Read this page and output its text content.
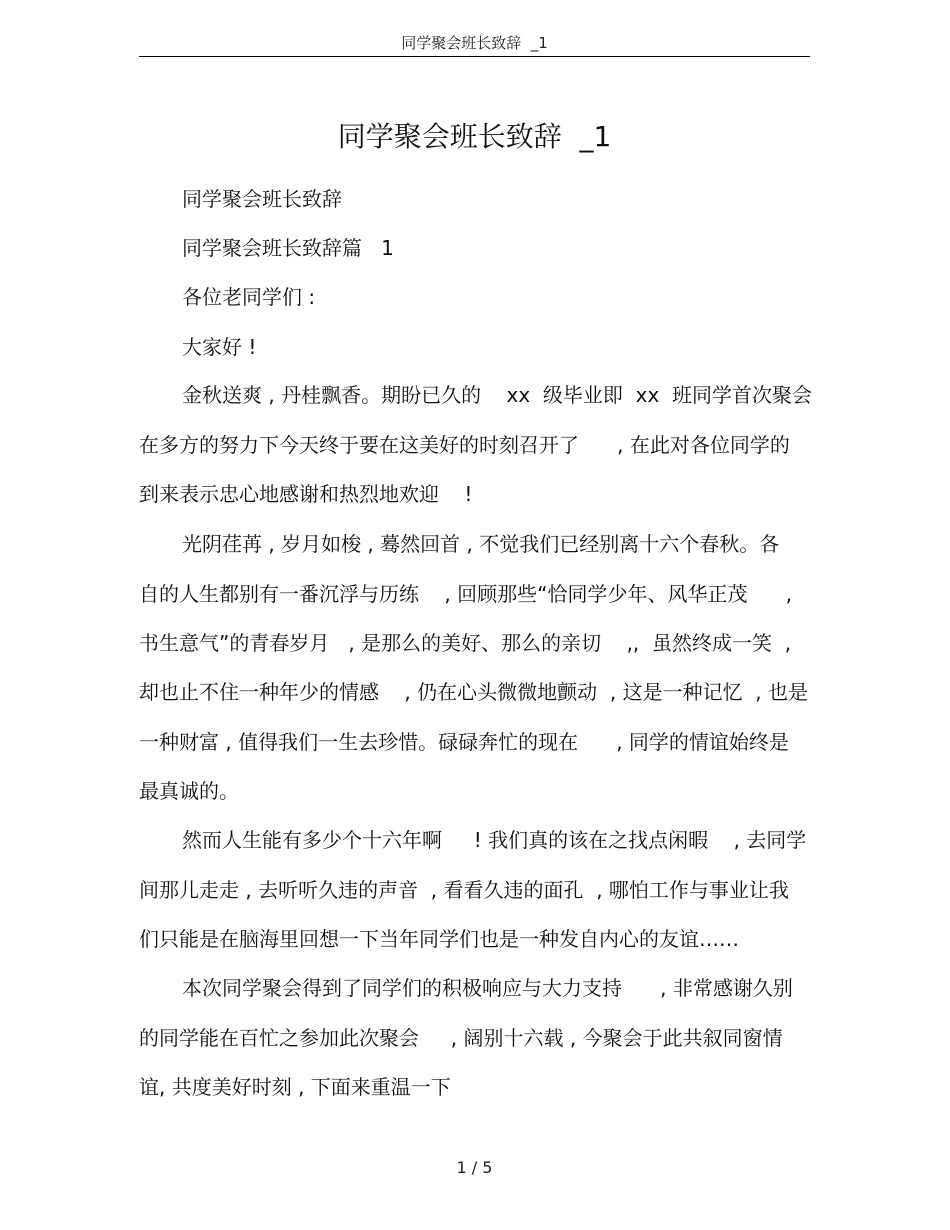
同学聚会班长致辞  _1
同学聚会班长致辞  _1
同学聚会班长致辞
同学聚会班长致辞篇   1
各位老同学们 :
大家好 !
金秋送爽 , 丹桂飘香。期盼已久的    xx  级毕业即  xx  班同学首次聚会
在多方的努力下今天终于要在这美好的时刻召开了      , 在此对各位同学的
到来表示忠心地感谢和热烈地欢迎    !
光阴荏苒 , 岁月如梭 , 蓦然回首 , 不觉我们已经别离十六个春秋。各
自的人生都别有一番沉浮与历练    , 回顾那些“恰同学少年、风华正茂      ,
书生意气”的青春岁月   , 是那么的美好、那么的亲切    ,,  虽然终成一笑  ,
却也止不住一种年少的情感    , 仍在心头微微地颤动  , 这是一种记忆  , 也是
一种财富 , 值得我们一生去珍惜。碌碌奔忙的现在      , 同学的情谊始终是
最真诚的。
然而人生能有多少个十六年啊     ! 我们真的该在之找点闲暇    , 去同学
间那儿走走 , 去听听久违的声音  , 看看久违的面孔  , 哪怕工作与事业让我
们只能是在脑海里回想一下当年同学们也是一种发自内心的友谊……
本次同学聚会得到了同学们的积极响应与大力支持      , 非常感谢久别
的同学能在百忙之参加此次聚会     , 阔别十六载 , 今聚会于此共叙同窗情
谊, 共度美好时刻 , 下面来重温一下
1 / 5
